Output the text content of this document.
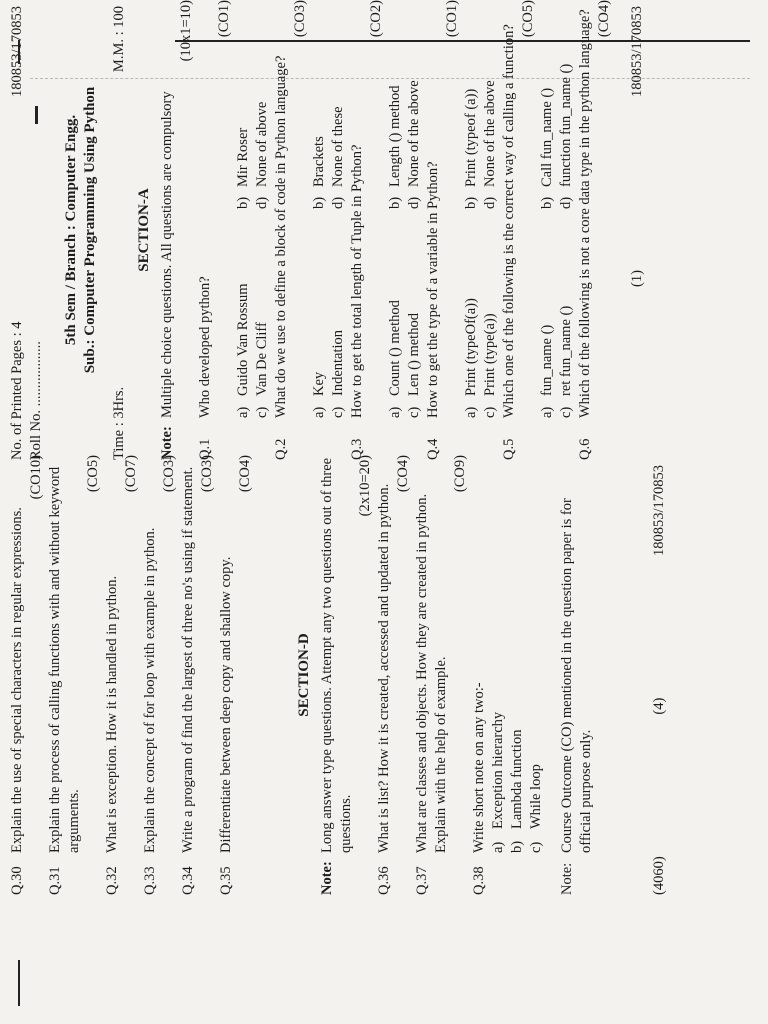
Q.30
Explain the use of special characters in regular expressions.
(CO10)
Q.31
Explain the process of calling functions with and without keyword arguments.
(CO5)
Q.32
What is exception. How it is handled in python.
(CO7)
Q.33
Explain the concept of for loop with example in python.
(CO3)
Q.34
Write a program of find the largest of three no's using if statement. (CO3)
Q.35
Differentiate between deep copy and shallow copy.
(CO4)
SECTION-D
Note:
Long answer type questions. Attempt any two questions out of three questions.
(2x10=20)
Q.36
What is list? How it is created, accessed and updated in python.
(CO4)
Q.37
What are classes and objects. How they are created in python. Explain with the help of example.
(CO9)
Q.38
Write short note on any two:- a)
Exception hierarchy
b)
Lambda function
c)
While loop
Note:
Course Outcome (CO) mentioned in the question paper is for official purpose only.
(4060)
(4)
180853/170853
No. of Printed Pages : 4 Roll No. ..................
180853/170853
5th Sem / Branch : Computer Engg. Sub.: Computer Programming Using Python
Time : 3Hrs.
M.M. : 100
SECTION-A
Note:
Multiple choice questions. All questions are compulsory
(10x1=10)
Q.1
Who developed python?
(CO1)
a)
Guido Van Rossum
b)
Mir Roser
c)
Van De Cliff
d)
None of above
Q.2
What do we use to define a block of code in Python language?
(CO3)
a)
Key
b)
Brackets
c)
Indentation
d)
None of these
Q.3
How to get the total length of Tuple in Python?
(CO2)
a)
Count () method
b)
Length () method
c)
Len () method
d)
None of the above
Q.4
How to get the type of a variable in Python?
(CO1)
a)
Print (typeOf(a))
b)
Print (typeof (a))
c)
Print (type(a))
d)
None of the above
Q.5
Which one of the following is the correct way of calling a function?
(CO5)
a)
fun_name ()
b)
Call fun_name ()
c)
ret fun_name ()
d)
function fun_name ()
Q.6
Which of the following is not a core data type in the python language? (CO4)
(1)
180853/170853
